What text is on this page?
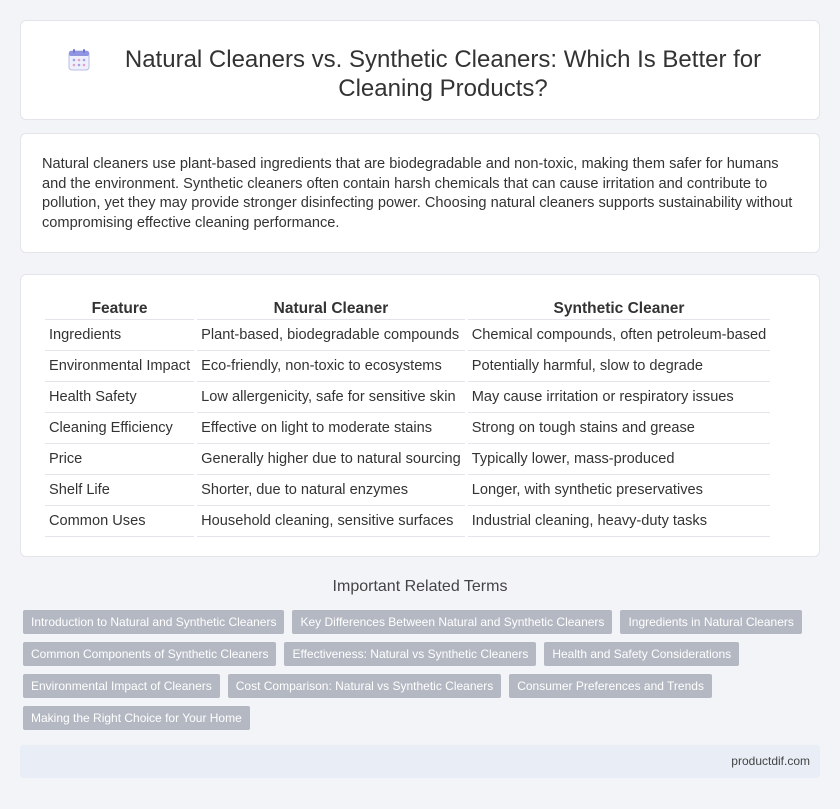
Natural Cleaners vs. Synthetic Cleaners: Which Is Better for Cleaning Products?

Natural cleaners use plant-based ingredients that are biodegradable and non-toxic, making them safer for humans and the environment. Synthetic cleaners often contain harsh chemicals that can cause irritation and contribute to pollution, yet they may provide stronger disinfecting power. Choosing natural cleaners supports sustainability without compromising effective cleaning performance.

Feature	Natural Cleaner	Synthetic Cleaner
Ingredients	Plant-based, biodegradable compounds	Chemical compounds, often petroleum-based
Environmental Impact	Eco-friendly, non-toxic to ecosystems	Potentially harmful, slow to degrade
Health Safety	Low allergenicity, safe for sensitive skin	May cause irritation or respiratory issues
Cleaning Efficiency	Effective on light to moderate stains	Strong on tough stains and grease
Price	Generally higher due to natural sourcing	Typically lower, mass-produced
Shelf Life	Shorter, due to natural enzymes	Longer, with synthetic preservatives
Common Uses	Household cleaning, sensitive surfaces	Industrial cleaning, heavy-duty tasks
Important Related Terms
Introduction to Natural and Synthetic Cleaners	Key Differences Between Natural and Synthetic Cleaners	Ingredients in Natural Cleaners
Common Components of Synthetic Cleaners	Effectiveness: Natural vs Synthetic Cleaners	Health and Safety Considerations
Environmental Impact of Cleaners	Cost Comparison: Natural vs Synthetic Cleaners	Consumer Preferences and Trends
Making the Right Choice for Your Home
productdif.com
